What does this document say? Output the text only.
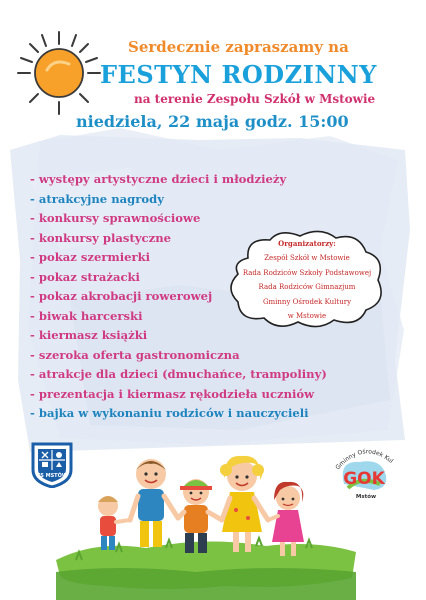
Serdecznie zapraszamy na
FESTYN RODZINNY
na terenie Zespołu Szkół w Mstowie
niedziela, 22 maja godz. 15:00
- występy artystyczne dzieci i młodzieży
- atrakcyjne nagrody
- konkursy sprawnościowe
- konkursy plastyczne
- pokaz szermierki
- pokaz strażacki
- pokaz akrobacji rowerowej
- biwak harcerski
- kiermasz książki
- szeroka oferta gastronomiczna
- atrakcje dla dzieci (dmuchańce, trampoliny)
- prezentacja i kiermasz rękodzieła uczniów
- bajka w wykonaniu rodziców i nauczycieli
Organizatorzy:
Zespół Szkół w Mstowie
Rada Rodziców Szkoły Podstawowej
Rada Rodziców Gimnazjum
Gminny Ośrodek Kultury
w Mstowie
ZS MSTÓW
Gminny Ośrodek Kul
GOK
Mstów
